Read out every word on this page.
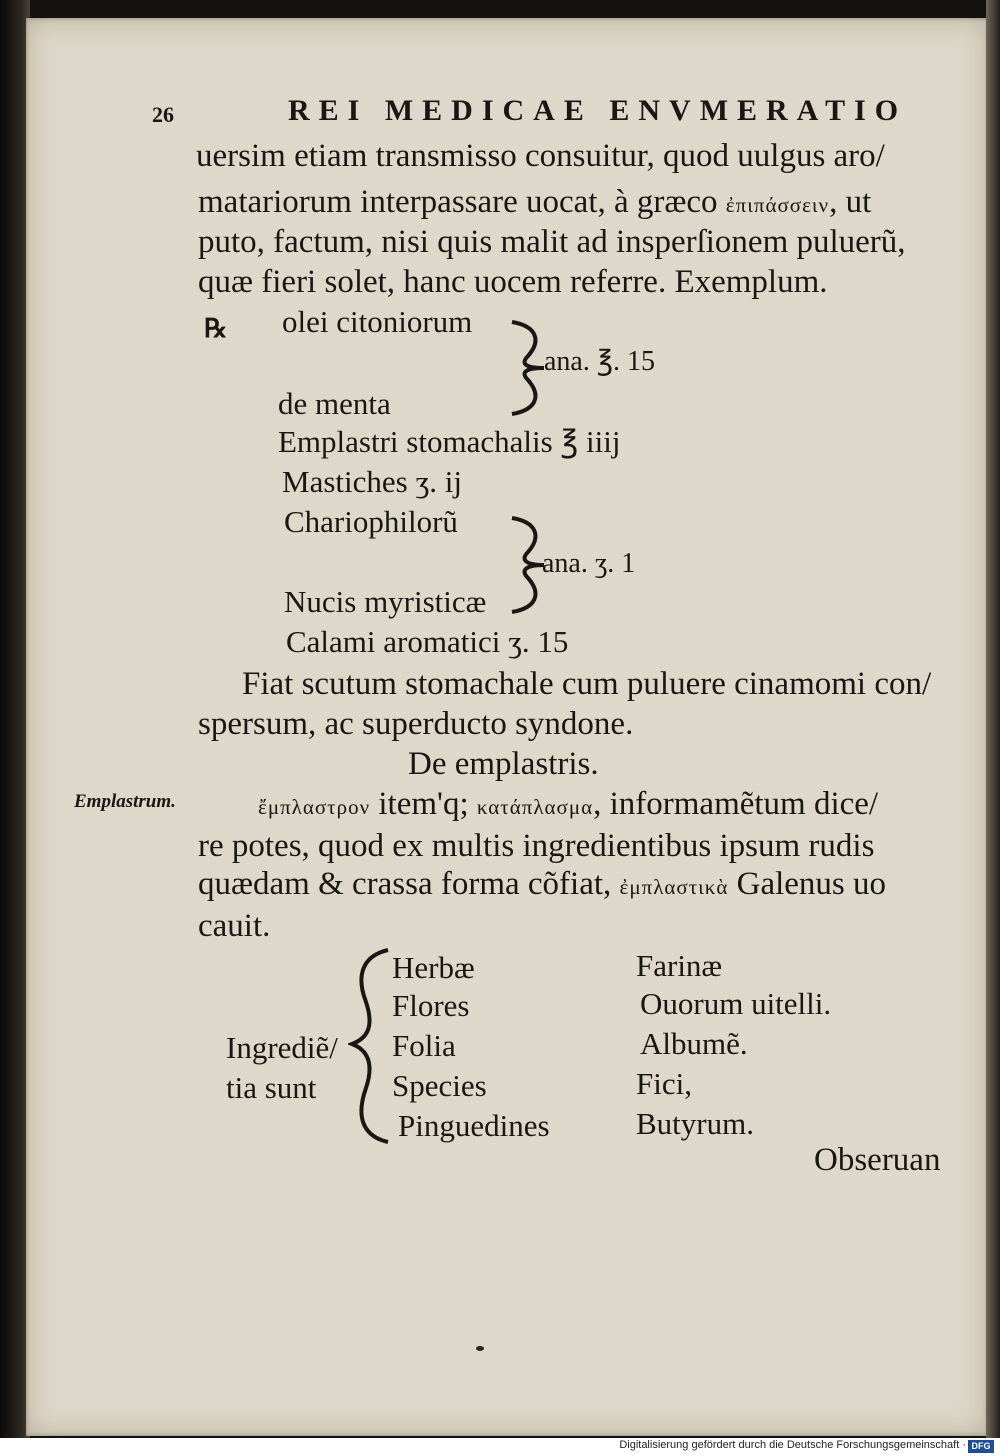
26	REI MEDICAE ENVMERATIO
uersim etiam transmisso consuitur, quod uulgus aro/
matariorum interpassare uocat, à græco ἐπιπάσσειν, ut
puto, factum, nisi quis malit ad insperſionem puluerũ,
quæ fieri solet, hanc uocem referre. Exemplum.
℞ olei citoniorum
ana. ℥. 15
de menta
Emplastri stomachalis ℥ iiij
Mastiches ʒ. ij
Chariophilorũ
ana. ʒ. 1
Nucis myristicæ
Calami aromatici ʒ. 15
Fiat scutum stomachale cum puluere cinamomi con/
spersum, ac superducto syndone.
De emplastris.
Emplastrum.	ἔμπλαστρον item'q; κατάπλασμα, informamẽtum dice/
re potes, quod ex multis ingredientibus ipsum rudis
quædam & crassa forma cõfiat, ἐμπλαστικὰ Galenus uo
cauit.
Ingrediẽ/
tia sunt
Herbæ
Flores
Folia
Species
Pinguedines
Farinæ
Ouorum uitelli.
Albumẽ.
Fici,
Butyrum.
Obseruan
Digitalisierung gefördert durch die Deutsche Forschungsgemeinschaft · DFG
